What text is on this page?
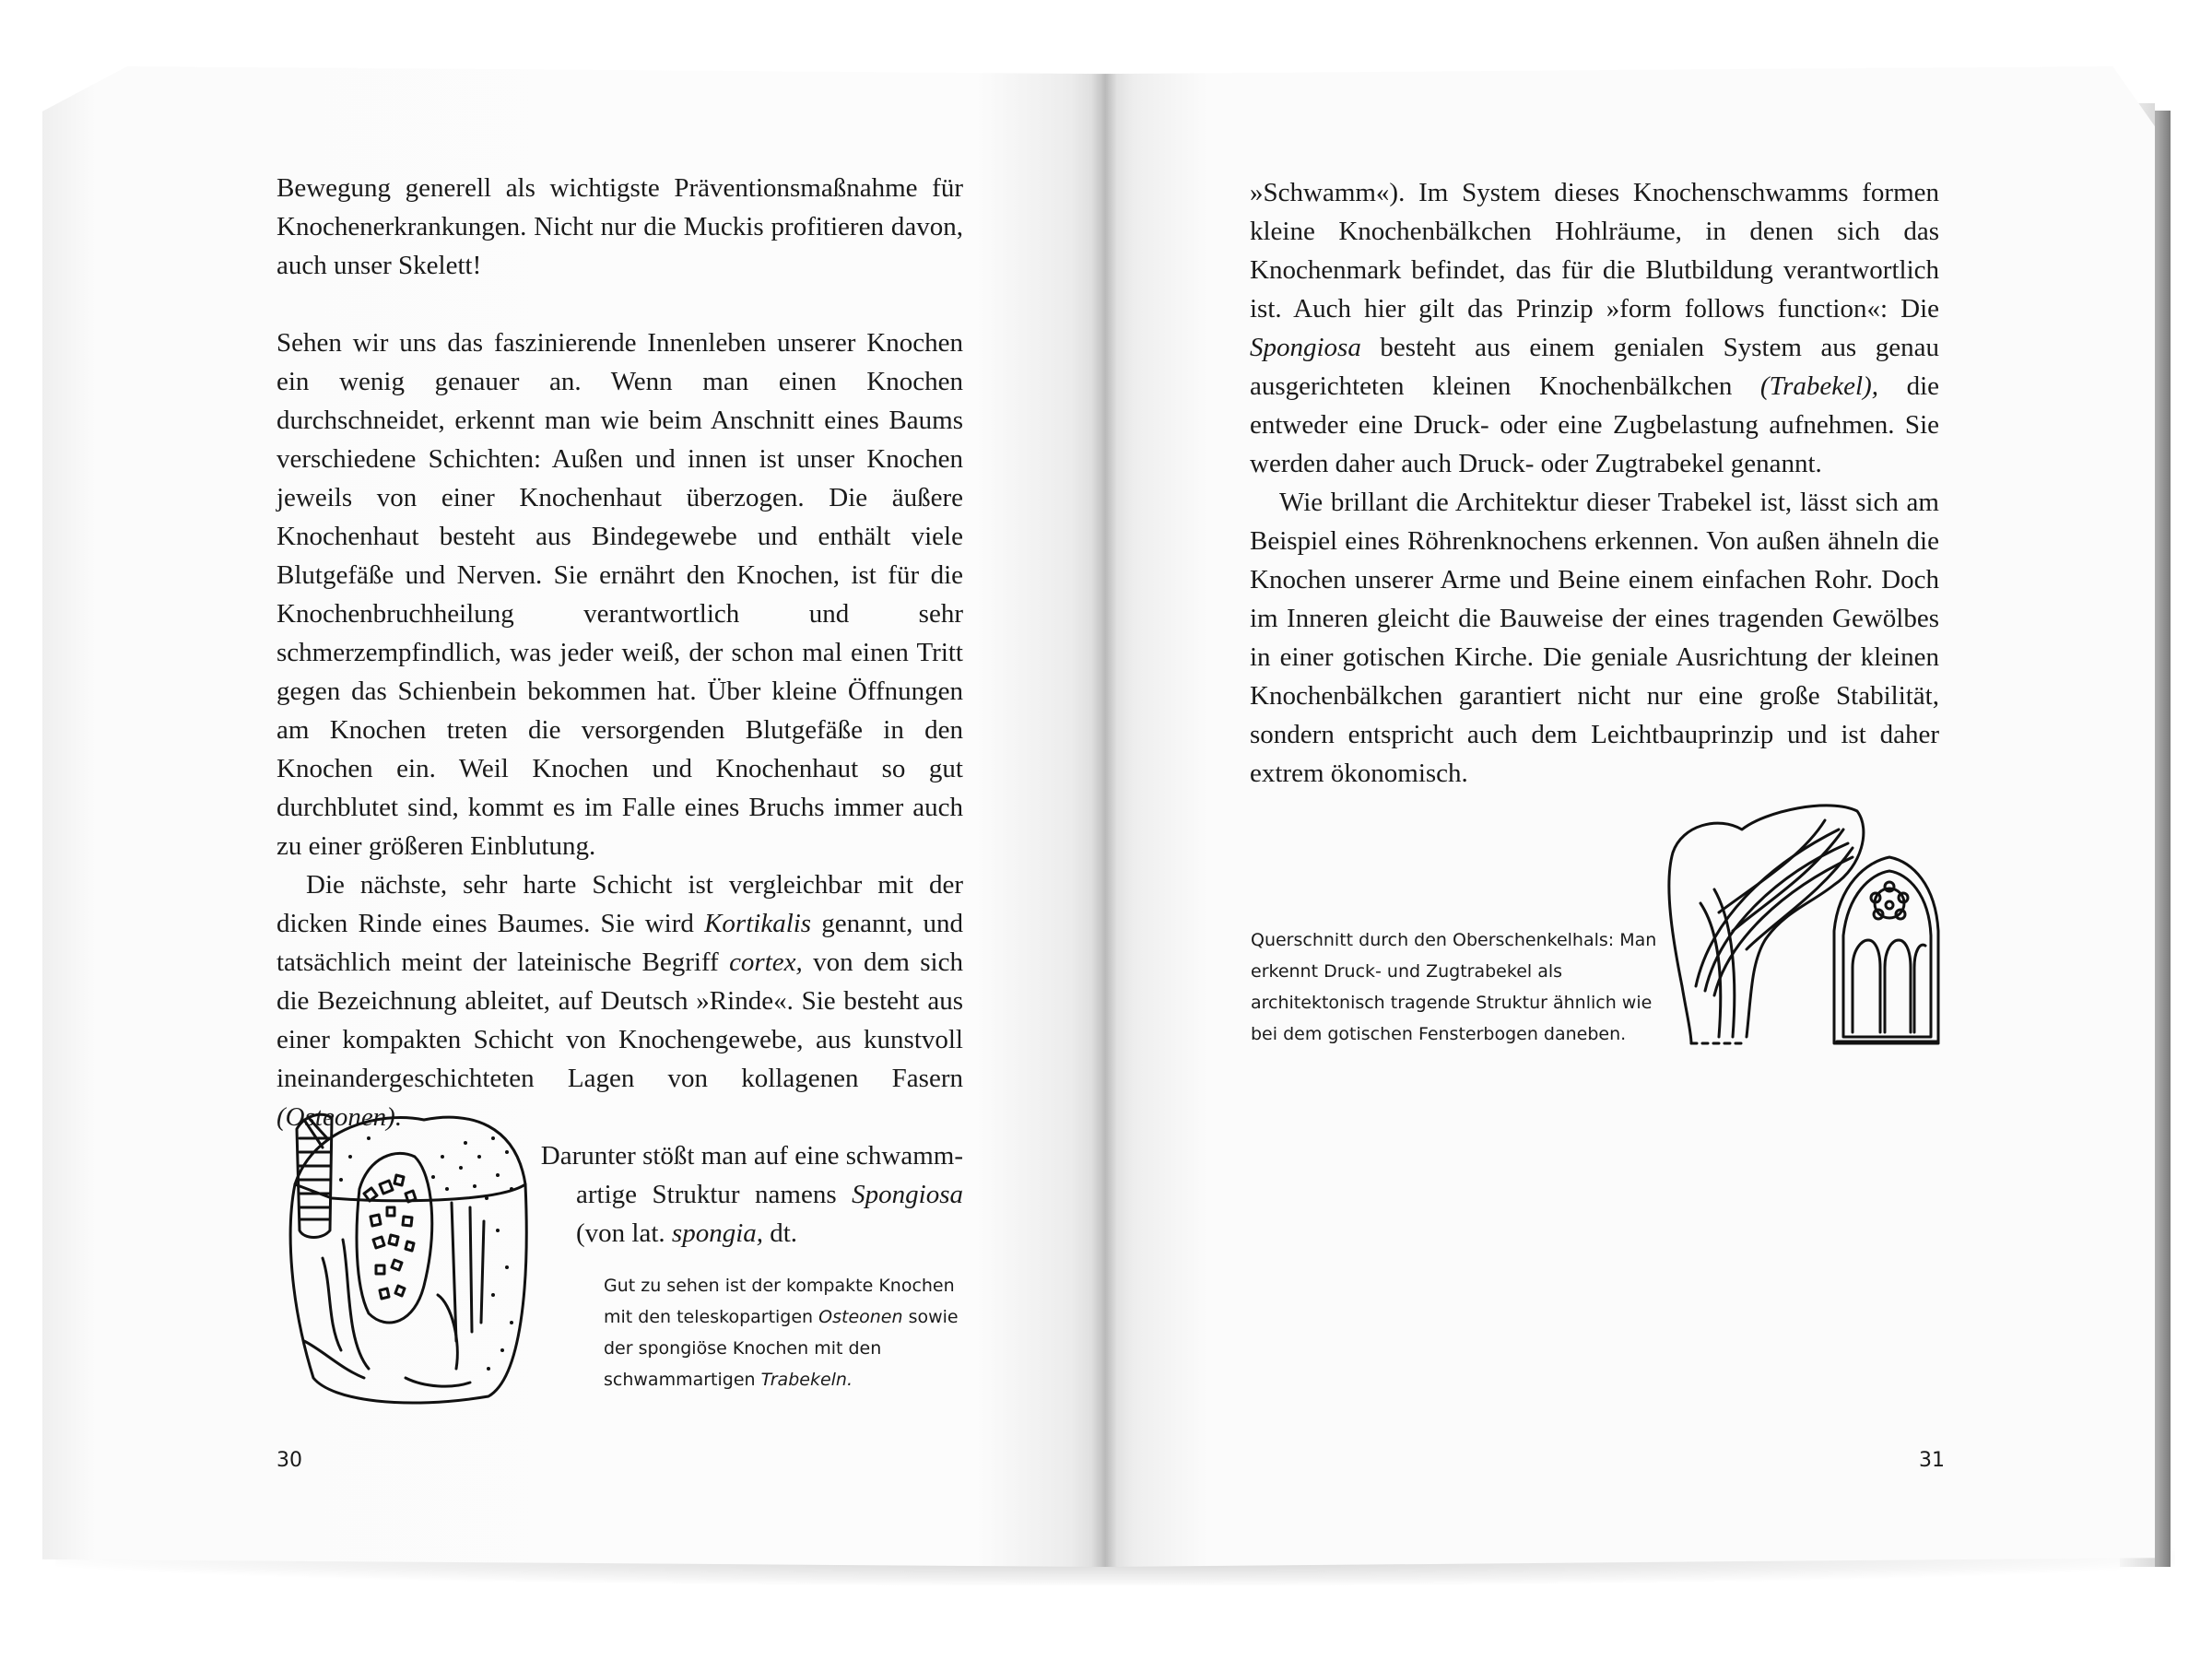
Bewegung generell als wichtigste Präventionsmaßnahme für Knochenerkrankungen. Nicht nur die Muckis profitieren davon, auch unser Skelett!

Sehen wir uns das faszinierende Innenleben unserer Knochen ein wenig genauer an. Wenn man einen Knochen durchschneidet, erkennt man wie beim Anschnitt eines Baums verschiedene Schichten: Außen und innen ist unser Knochen jeweils von einer Knochenhaut überzogen. Die äußere Knochenhaut besteht aus Bindegewebe und enthält viele Blutgefäße und Nerven. Sie ernährt den Knochen, ist für die Knochenbruchheilung verantwortlich und sehr schmerzempfindlich, was jeder weiß, der schon mal einen Tritt gegen das Schienbein bekommen hat. Über kleine Öffnungen am Knochen treten die versorgenden Blutgefäße in den Knochen ein. Weil Knochen und Knochenhaut so gut durchblutet sind, kommt es im Falle eines Bruchs immer auch zu einer größeren Einblutung.

Die nächste, sehr harte Schicht ist vergleichbar mit der dicken Rinde eines Baumes. Sie wird Kortikalis genannt, und tatsächlich meint der lateinische Begriff cortex, von dem sich die Bezeichnung ableitet, auf Deutsch »Rinde«. Sie besteht aus einer kompakten Schicht von Knochengewebe, aus kunstvoll ineinandergeschichteten Lagen von kollagenen Fasern (Osteonen).

Darunter stößt man auf eine schwamm-

artige Struktur namens Spongiosa (von lat. spongia, dt.

Gut zu sehen ist der kompakte Knochen mit den teleskopartigen Osteonen sowie der spongiöse Knochen mit den schwammartigen Trabekeln.
30

»Schwamm«). Im System dieses Knochenschwamms formen kleine Knochenbälkchen Hohlräume, in denen sich das Knochenmark befindet, das für die Blutbildung verantwortlich ist. Auch hier gilt das Prinzip »form follows function«: Die Spongiosa besteht aus einem genialen System aus genau ausgerichteten kleinen Knochenbälkchen (Trabekel), die entweder eine Druck- oder eine Zugbelastung aufnehmen. Sie werden daher auch Druck- oder Zugtrabekel genannt.

Wie brillant die Architektur dieser Trabekel ist, lässt sich am Beispiel eines Röhrenknochens erkennen. Von außen ähneln die Knochen unserer Arme und Beine einem einfachen Rohr. Doch im Inneren gleicht die Bauweise der eines tragenden Gewölbes in einer gotischen Kirche. Die geniale Ausrichtung der kleinen Knochenbälkchen garantiert nicht nur eine große Stabilität, sondern entspricht auch dem Leichtbauprinzip und ist daher extrem ökonomisch.

Querschnitt durch den Oberschenkelhals: Man erkennt Druck- und Zugtrabekel als architektonisch tragende Struktur ähnlich wie bei dem gotischen Fensterbogen daneben.
31
